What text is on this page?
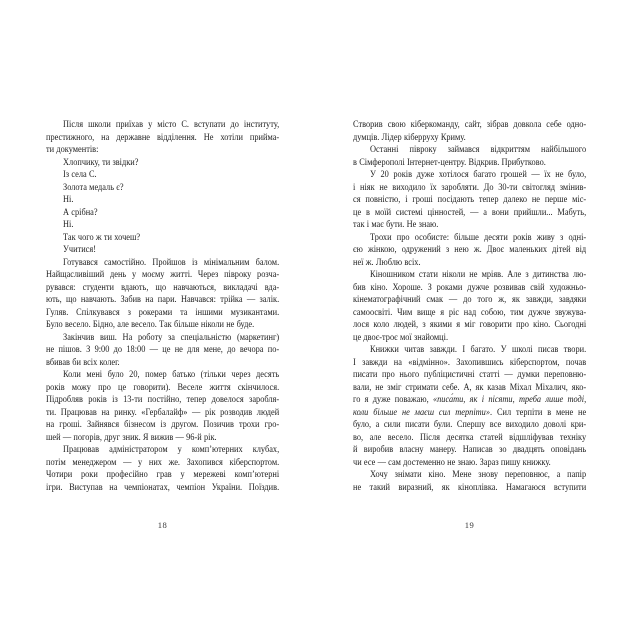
Після школи приїхав у місто С. вступати до інституту,
престижного, на державне відділення. Не хотіли прийма-
ти документів:
Хлопчику, ти звідки?
Із села С.
Золота медаль є?
Ні.
А срібна?
Ні.
Так чого ж ти хочеш?
Учитися!
Готувався самостійно. Пройшов із мінімальним балом.
Найщасливіший день у моєму житті. Через півроку розча-
рувався: студенти вдають, що навчаються, викладачі вда-
ють, що навчають. Забив на пари. Навчався: трійка — залік.
Гуляв. Спілкувався з рокерами та іншими музикантами.
Було весело. Бідно, але весело. Так більше ніколи не буде.
Закінчив виш. На роботу за спеціальністю (маркетинг)
не пішов. З 9:00 до 18:00 — це не для мене, до вечора по-
вбивав би всіх колег.
Коли мені було 20, помер батько (тільки через десять
років можу про це говорити). Веселе життя скінчилося.
Підробляв років із 13-ти постійно, тепер довелося заробля-
ти. Працював на ринку. «Гербалайф» — рік розводив людей
на гроші. Зайнявся бізнесом із другом. Позичив трохи гро-
шей — погорів, друг зник. Я вижив — 96-й рік.
Працював адміністратором у комп’ютерних клубах,
потім менеджером — у них же. Захопився кіберспортом.
Чотири роки професійно грав у мережеві комп’ютерні
ігри. Виступав на чемпіонатах, чемпіон України. Поїздив.
18
Створив свою кіберкоманду, сайт, зібрав довкола себе одно-
думців. Лідер кіберруху Криму.
Останні півроку займався відкриттям найбільшого
в Сімферополі Інтернет-центру. Відкрив. Прибутково.
У 20 років дуже хотілося багато грошей — їх не було,
і ніяк не виходило їх заробляти. До 30-ти світогляд змінив-
ся повністю, і гроші посідають тепер далеко не перше міс-
це в моїй системі цінностей, — а вони прийшли... Мабуть,
так і має бути. Не знаю.
Трохи про особисте: більше десяти років живу з одні-
єю жінкою, одружений з нею ж. Двоє маленьких дітей від
неї ж. Люблю всіх.
Кіношником стати ніколи не мріяв. Але з дитинства лю-
бив кіно. Хороше. З роками дужче розвивав свій художньо-
кінематографічний смак — до того ж, як завжди, завдяки
самоосвіті. Чим вище я ріс над собою, тим дужче звужува-
лося коло людей, з якими я міг говорити про кіно. Сьогодні
це двоє-троє мої знайомці.
Книжки читав завжди. І багато. У школі писав твори.
І завжди на «відмінно». Захопившись кіберспортом, почав
писати про нього публіцистичні статті — думки переповню-
вали, не зміг стримати себе. А, як казав Міхал Міхалич, яко-
го я дуже поважаю, «писа́ти, як і пісяти, треба лише тоді,
коли більше не маєш сил терпіти». Сил терпіти в мене не
було, а сили писати були. Спершу все виходило доволі кри-
во, але весело. Після десятка статей відшліфував техніку
й виробив власну манеру. Написав зо двадцять оповідань
чи есе — сам достеменно не знаю. Зараз пишу книжку.
Хочу знімати кіно. Мене знову переповнює, а папір
не такий виразний, як кіноплівка. Намагаюся вступити
19
